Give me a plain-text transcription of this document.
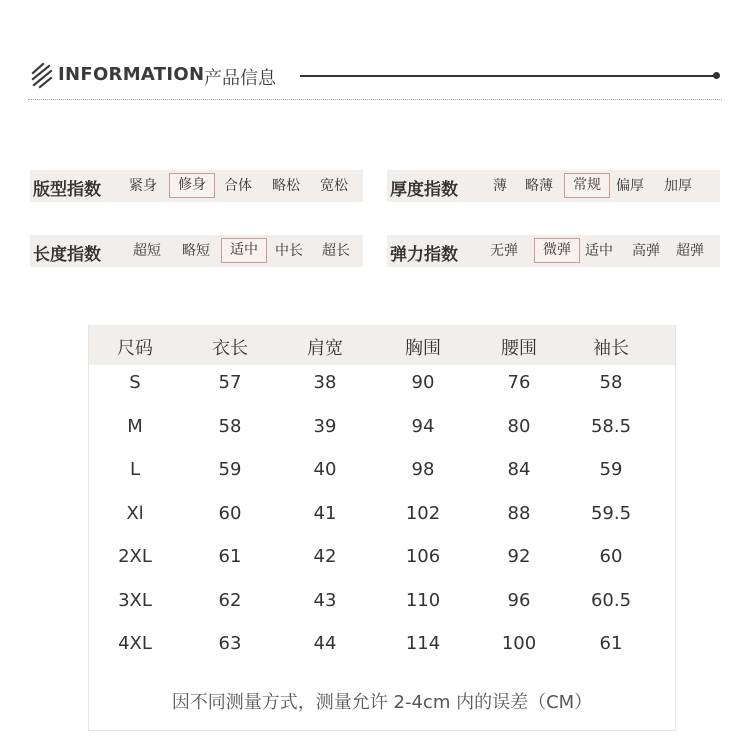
INFORMATION 产品信息
版型指数 紧身	修身	合体 略松 宽松 厚度指数	薄 略薄	常规	偏厚 加厚
长度指数 超短 略短	适中	中长 超长 弹力指数 无弹	微弹	适中 高弹 超弹
尺码	衣长	肩宽	胸围	腰围	袖长
S	57	38	90	76	58
M	58	39	94	80	58.5
L	59	40	98	84	59
Xl	60	41	102	88	59.5
2XL	61	42	106	92	60
3XL	62	43	110	96	60.5
4XL	63	44	114	100	61
因不同测量方式，测量允许 2-4cm 内的误差（CM）
